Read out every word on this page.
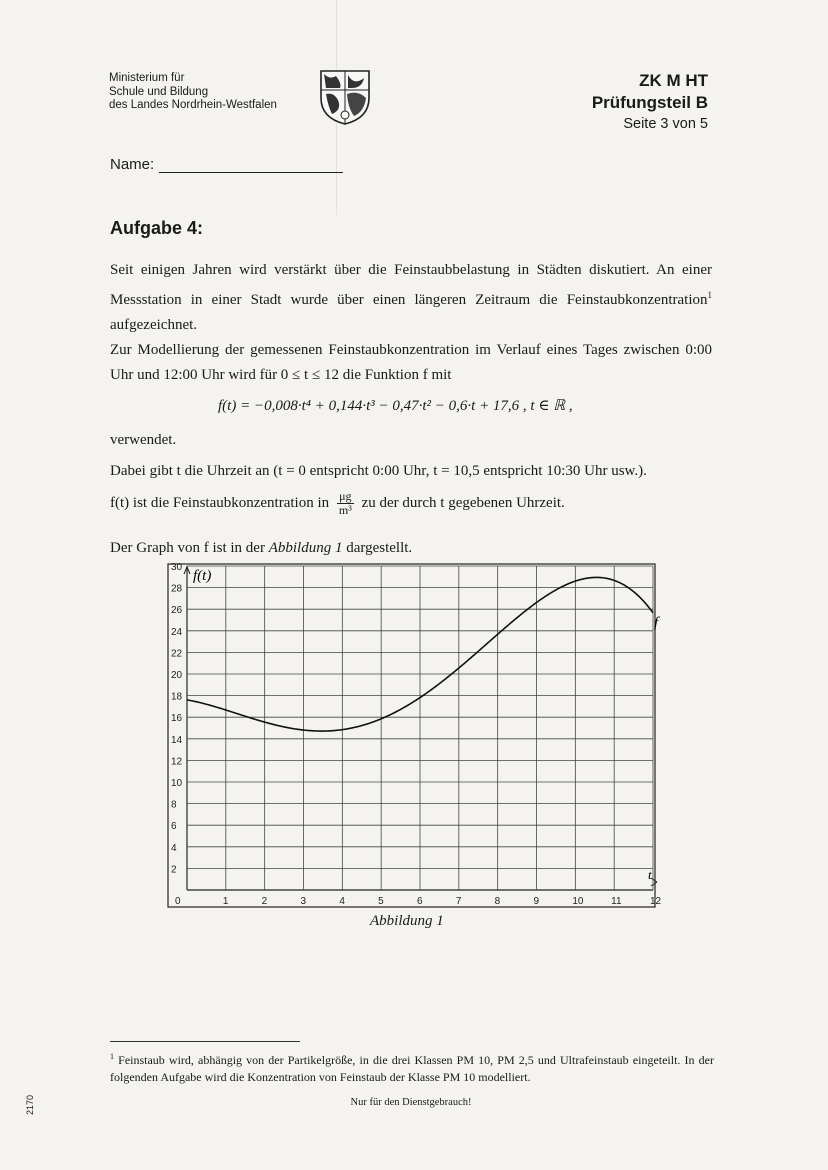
Ministerium für
Schule und Bildung
des Landes Nordrhein-Westfalen
ZK M HT
Prüfungsteil B
Seite 3 von 5
Name:
Aufgabe 4:
Seit einigen Jahren wird verstärkt über die Feinstaubbelastung in Städten diskutiert. An einer Messstation in einer Stadt wurde über einen längeren Zeitraum die Feinstaubkonzentration$^1$ aufgezeichnet.
Zur Modellierung der gemessenen Feinstaubkonzentration im Verlauf eines Tages zwischen 0:00 Uhr und 12:00 Uhr wird für 0 ≤ t ≤ 12 die Funktion f mit
f(t) = −0,008·t⁴ + 0,144·t³ − 0,47·t² − 0,6·t + 17,6 , t ∈ ℝ ,
verwendet.
Dabei gibt t die Uhrzeit an (t = 0 entspricht 0:00 Uhr, t = 10,5 entspricht 10:30 Uhr usw.).
f(t) ist die Feinstaubkonzentration in $\frac{\mu g}{\text{m³}}$ zu der durch t gegebenen Uhrzeit.
Der Graph von f ist in der Abbildung 1 dargestellt.
2
4
6
8
10
12
14
16
18
20
22
24
26
28
30
0	1	2	3	4	5	6	7	8	9	10	11	12
f(t)
t
f
Abbildung 1
$^1$ Feinstaub wird, abhängig von der Partikelgröße, in die drei Klassen PM 10, PM 2,5 und Ultrafeinstaub eingeteilt. In der folgenden Aufgabe wird die Konzentration von Feinstaub der Klasse PM 10 modelliert.
Nur für den Dienstgebrauch!
2170
